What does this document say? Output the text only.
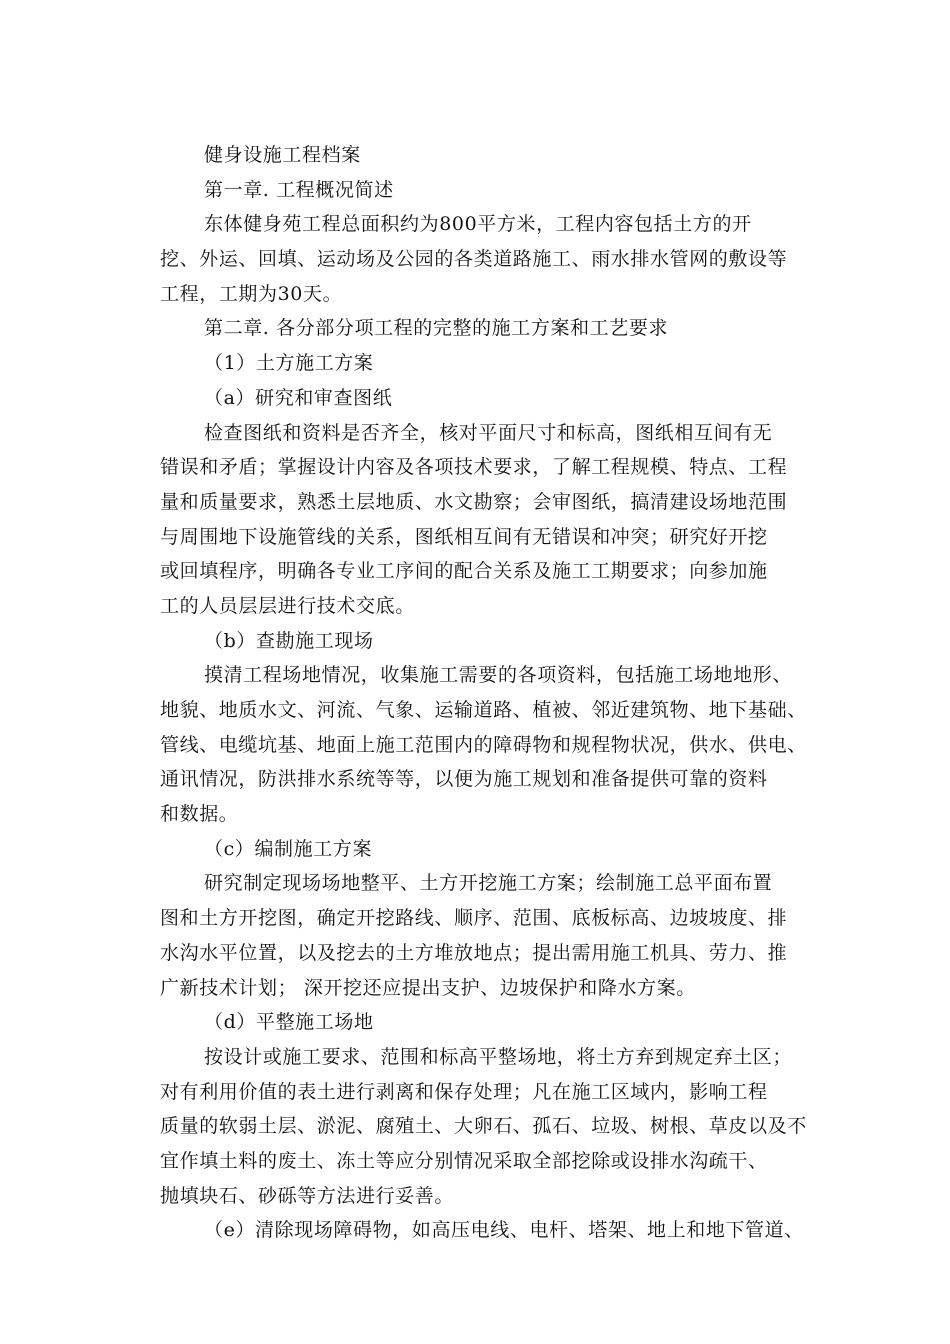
健身设施工程档案
第一章. 工程概况简述
东体健身苑工程总面积约为800平方米，工程内容包括土方的开
挖、外运、回填、运动场及公园的各类道路施工、雨水排水管网的敷设等
工程，工期为30天。
第二章. 各分部分项工程的完整的施工方案和工艺要求
（1）土方施工方案
（a）研究和审查图纸
检查图纸和资料是否齐全，核对平面尺寸和标高，图纸相互间有无
错误和矛盾；掌握设计内容及各项技术要求，了解工程规模、特点、工程
量和质量要求，熟悉土层地质、水文勘察；会审图纸，搞清建设场地范围
与周围地下设施管线的关系，图纸相互间有无错误和冲突；研究好开挖
或回填程序，明确各专业工序间的配合关系及施工工期要求；向参加施
工的人员层层进行技术交底。
（b）查勘施工现场
摸清工程场地情况，收集施工需要的各项资料，包括施工场地地形、
地貌、地质水文、河流、气象、运输道路、植被、邻近建筑物、地下基础、
管线、电缆坑基、地面上施工范围内的障碍物和规程物状况，供水、供电、
通讯情况，防洪排水系统等等，以便为施工规划和准备提供可靠的资料
和数据。
（c）编制施工方案
研究制定现场场地整平、土方开挖施工方案；绘制施工总平面布置
图和土方开挖图，确定开挖路线、顺序、范围、底板标高、边坡坡度、排
水沟水平位置，以及挖去的土方堆放地点；提出需用施工机具、劳力、推
广新技术计划； 深开挖还应提出支护、边坡保护和降水方案。
（d）平整施工场地
按设计或施工要求、范围和标高平整场地，将土方弃到规定弃土区；
对有利用价值的表土进行剥离和保存处理；凡在施工区域内，影响工程
质量的软弱土层、淤泥、腐殖土、大卵石、孤石、垃圾、树根、草皮以及不
宜作填土料的废土、冻土等应分别情况采取全部挖除或设排水沟疏干、
抛填块石、砂砾等方法进行妥善。
（e）清除现场障碍物，如高压电线、电杆、塔架、地上和地下管道、
